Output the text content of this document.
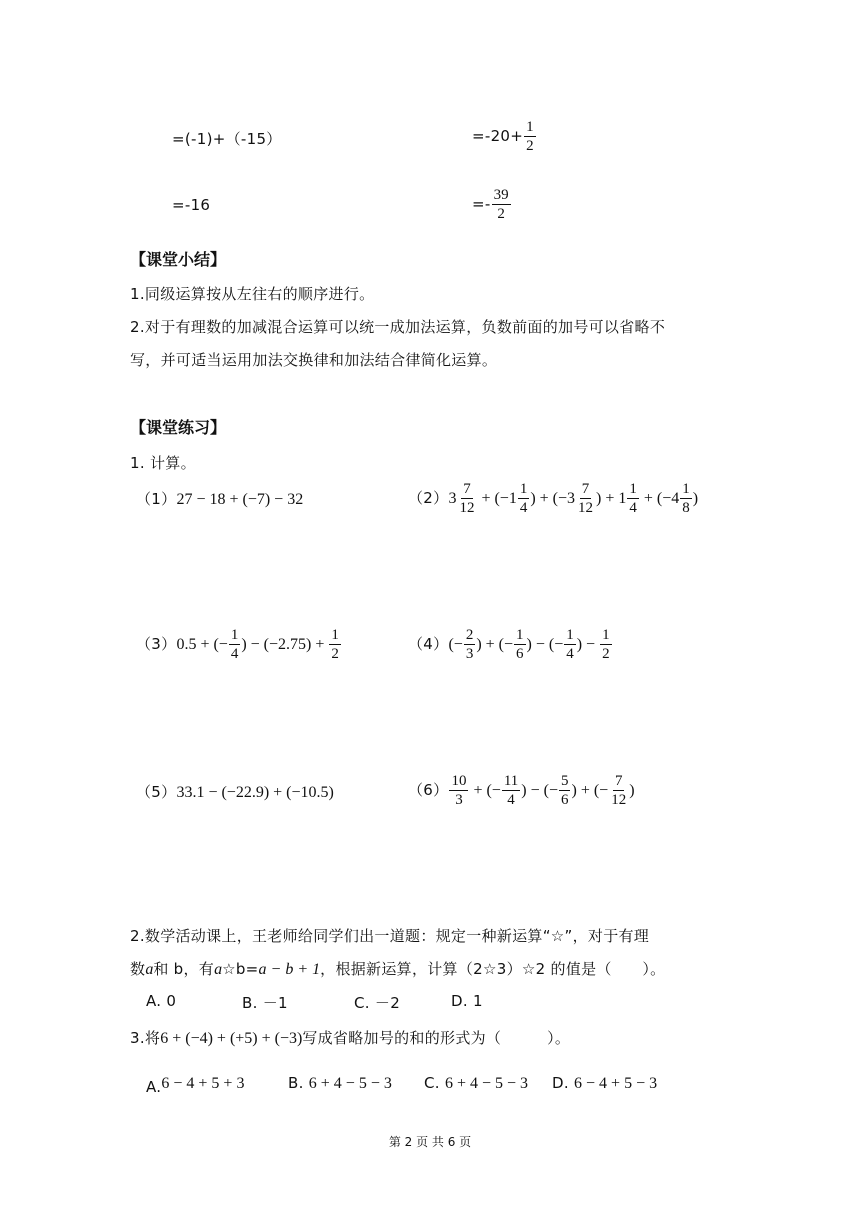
=(-1)+（-15）	$=-20+ \frac{1}{2}$
=-16	=- $\frac{39}{2}$
【课堂小结】
1.同级运算按从左往右的顺序进行。
2.对于有理数的加减混合运算可以统一成加法运算，负数前面的加号可以省略不
写，并可适当运用加法交换律和加法结合律简化运算。
【课堂练习】
1. 计算。
（1）27 − 18 + (−7) − 32	$(2)3 \frac{7}{12} + (-1 \frac{1}{4}$ ) + ($-3 \frac{7}{12}$ ) + $1 \frac{1}{4} + (-4 \frac{1}{8}$ )
（3）0.5 + (− $\frac{1}{4}$ ) − $(-2.75) + \frac{1}{2}$	$(4)(- \frac{2}{3}$ ) + (− $\frac{1}{6}$ ) − (− $\frac{1}{4}$ ) − $\frac{1}{2}$
（5）33.1 − (−22.9) + (−10.5)	$(6) \frac{10}{3}$ + (− $\frac{11}{4}$ ) − (− $\frac{5}{6}$ ) + (− $\frac{7}{12}$ )
2.数学活动课上，王老师给同学们出一道题：规定一种新运算“☆”，对于有理
数a和 b，有a☆b=a − b + 1，根据新运算，计算（2☆3）☆2 的值是（　　）。
A. 0	B. －1	C. －2	D. 1
3.将6 + (−4) + (+5) + (−3)写成省略加号的和的形式为（　　　）。
A.6 − 4 + 5 + 3	B. 6 + 4 − 5 − 3 C. 6 + 4 − 5 − 3 D. 6 − 4 + 5 − 3
第 2 页 共 6 页
